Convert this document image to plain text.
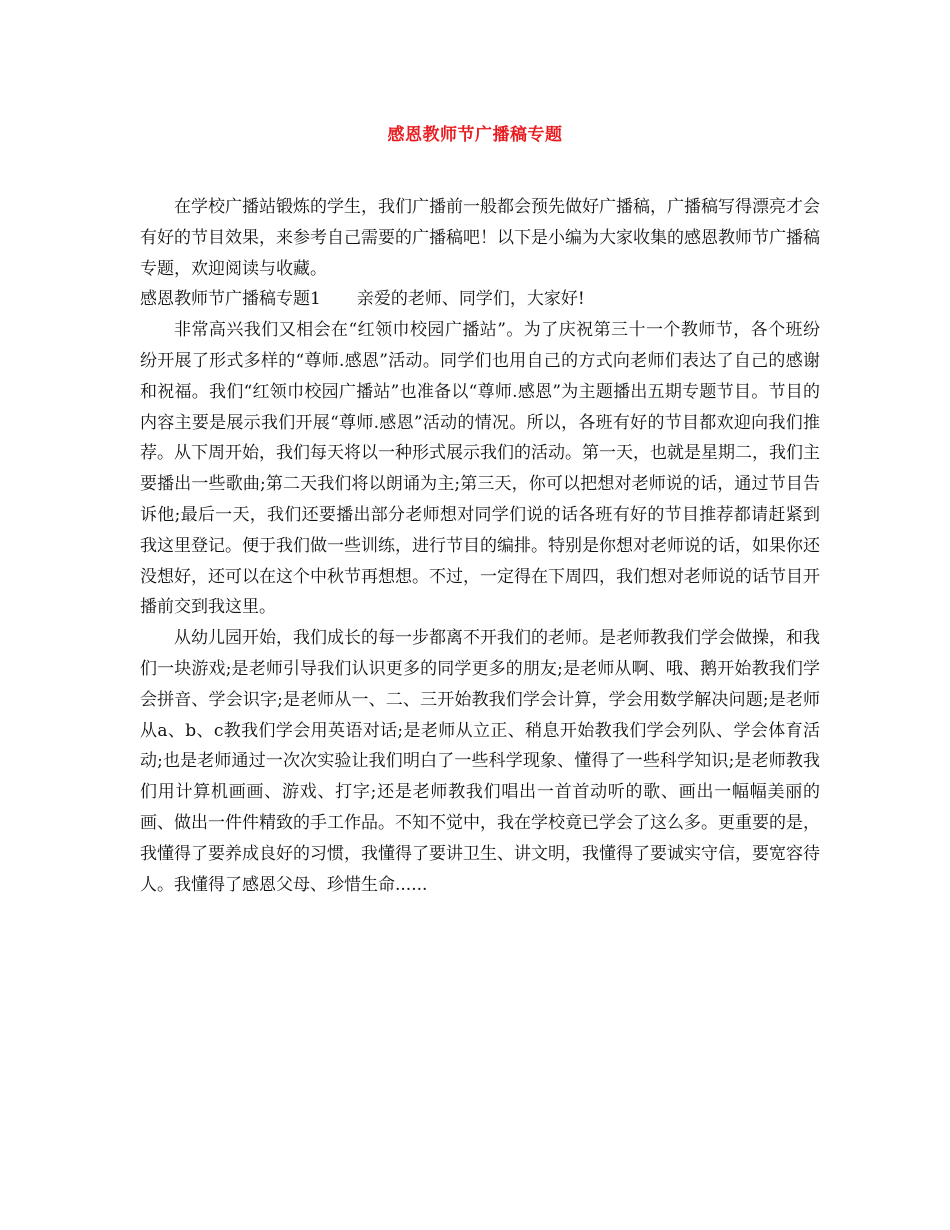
感恩教师节广播稿专题

在学校广播站锻炼的学生，我们广播前一般都会预先做好广播稿，广播稿写得漂亮才会有好的节目效果，来参考自己需要的广播稿吧！以下是小编为大家收集的感恩教师节广播稿专题，欢迎阅读与收藏。

感恩教师节广播稿专题1 亲爱的老师、同学们，大家好!

非常高兴我们又相会在“红领巾校园广播站”。为了庆祝第三十一个教师节，各个班纷纷开展了形式多样的“尊师.感恩”活动。同学们也用自己的方式向老师们表达了自己的感谢和祝福。我们“红领巾校园广播站”也准备以“尊师.感恩”为主题播出五期专题节目。节目的内容主要是展示我们开展“尊师.感恩”活动的情况。所以，各班有好的节目都欢迎向我们推荐。从下周开始，我们每天将以一种形式展示我们的活动。第一天，也就是星期二，我们主要播出一些歌曲;第二天我们将以朗诵为主;第三天，你可以把想对老师说的话，通过节目告诉他;最后一天，我们还要播出部分老师想对同学们说的话各班有好的节目推荐都请赶紧到我这里登记。便于我们做一些训练，进行节目的编排。特别是你想对老师说的话，如果你还没想好，还可以在这个中秋节再想想。不过，一定得在下周四，我们想对老师说的话节目开播前交到我这里。

从幼儿园开始，我们成长的每一步都离不开我们的老师。是老师教我们学会做操，和我们一块游戏;是老师引导我们认识更多的同学更多的朋友;是老师从啊、哦、鹅开始教我们学会拼音、学会识字;是老师从一、二、三开始教我们学会计算，学会用数学解决问题;是老师从a、b、c教我们学会用英语对话;是老师从立正、稍息开始教我们学会列队、学会体育活动;也是老师通过一次次实验让我们明白了一些科学现象、懂得了一些科学知识;是老师教我们用计算机画画、游戏、打字;还是老师教我们唱出一首首动听的歌、画出一幅幅美丽的画、做出一件件精致的手工作品。不知不觉中，我在学校竟已学会了这么多。更重要的是，我懂得了要养成良好的习惯，我懂得了要讲卫生、讲文明，我懂得了要诚实守信，要宽容待人。我懂得了感恩父母、珍惜生命......
